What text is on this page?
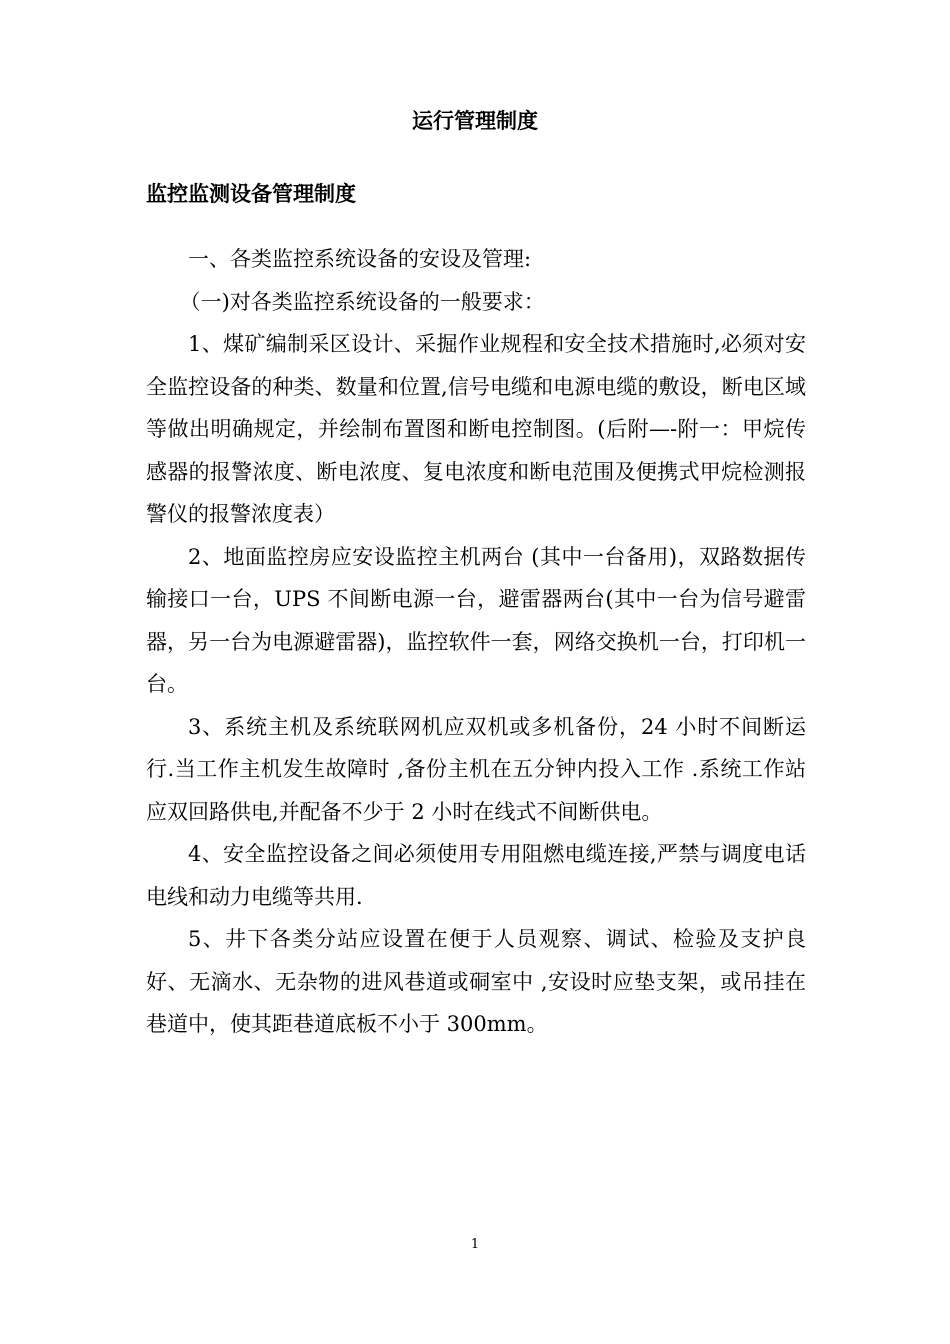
运行管理制度
监控监测设备管理制度

一、各类监控系统设备的安设及管理:

（一)对各类监控系统设备的一般要求：

1、煤矿编制采区设计、采掘作业规程和安全技术措施时,必须对安全监控设备的种类、数量和位置,信号电缆和电源电缆的敷设，断电区域等做出明确规定，并绘制布置图和断电控制图。(后附—-附一：甲烷传感器的报警浓度、断电浓度、复电浓度和断电范围及便携式甲烷检测报警仪的报警浓度表）

2、地面监控房应安设监控主机两台 (其中一台备用)，双路数据传输接口一台，UPS 不间断电源一台，避雷器两台(其中一台为信号避雷器，另一台为电源避雷器)，监控软件一套，网络交换机一台，打印机一台。

3、系统主机及系统联网机应双机或多机备份，24 小时不间断运行.当工作主机发生故障时 ,备份主机在五分钟内投入工作 .系统工作站应双回路供电,并配备不少于 2 小时在线式不间断供电。

4、安全监控设备之间必须使用专用阻燃电缆连接,严禁与调度电话电线和动力电缆等共用.

5、井下各类分站应设置在便于人员观察、调试、检验及支护良好、无滴水、无杂物的进风巷道或硐室中 ,安设时应垫支架，或吊挂在巷道中，使其距巷道底板不小于 300mm。

1
